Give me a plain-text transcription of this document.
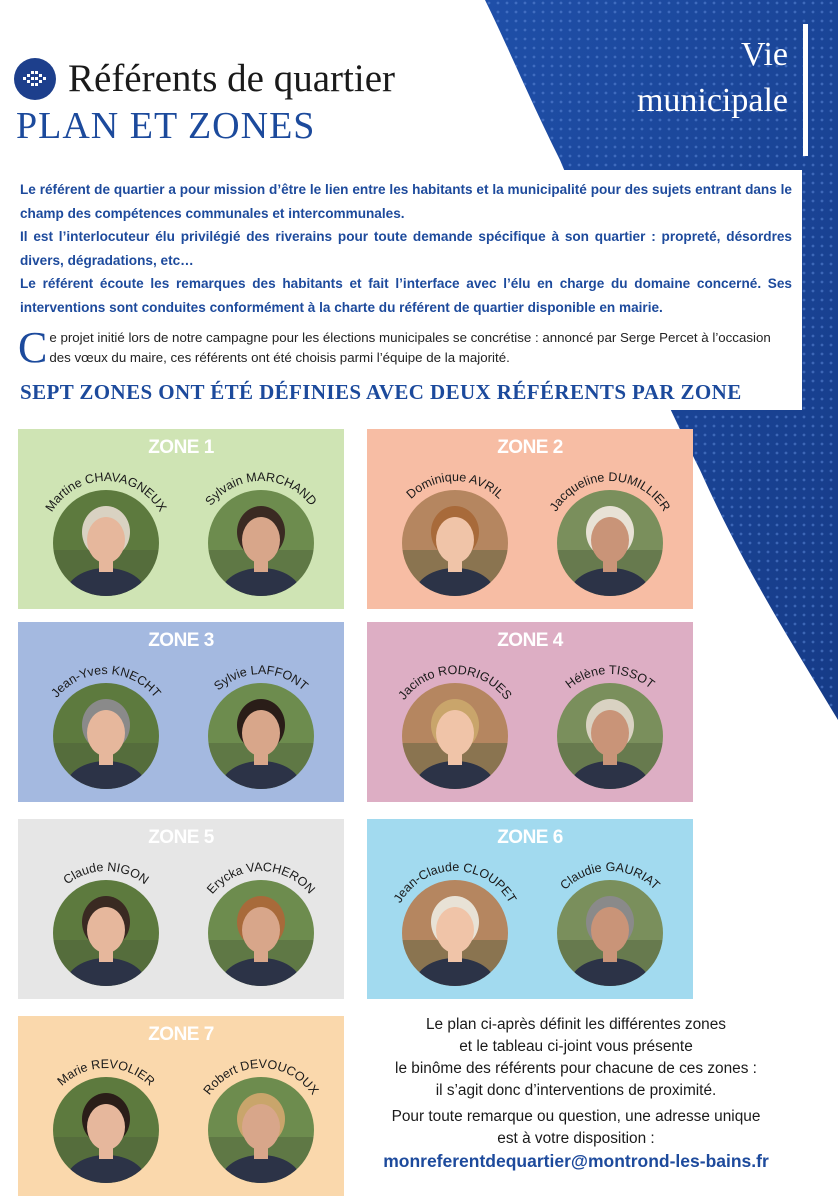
Vie
municipale
Référents de quartier
PLAN ET ZONES

Le référent de quartier a pour mission d’être le lien entre les habitants et la municipalité pour des sujets entrant dans le champ des compétences communales et intercommunales.

Il est l’interlocuteur élu privilégié des riverains pour toute demande spécifique à son quartier : propreté, désordres divers, dégradations, etc…

Le référent écoute les remarques des habitants et fait l’interface avec l’élu en charge du domaine concerné. Ses interventions sont conduites conformément à la charte du référent de quartier disponible en mairie.

C e projet initié lors de notre campagne pour les élections municipales se concrétise : annoncé par Serge Percet à l’occasion des vœux du maire, ces référents ont été choisis parmi l’équipe de la majorité.
SEPT ZONES ONT ÉTÉ DÉFINIES AVEC DEUX RÉFÉRENTS PAR ZONE
ZONE 1
Martine CHAVAGNEUX	Sylvain MARCHAND
ZONE 2
Dominique AVRIL
Jacqueline DUMILLIER
ZONE 3
Jean-Yves KNECHT	Sylvie LAFFONT
ZONE 4
Jacinto RODRIGUES
Hélène TISSOT
ZONE 5
Claude NIGON
Erycka VACHERON
ZONE 6
Jean-Claude CLOUPET
Claudie GAURIAT
ZONE 7
Marie REVOLIER
Robert DEVOUCOUX

Le plan ci-après définit les différentes zones

et le tableau ci-joint vous présente

le binôme des référents pour chacune de ces zones :

il s’agit donc d’interventions de proximité.

Pour toute remarque ou question, une adresse unique

est à votre disposition :

monreferentdequartier@montrond-les-bains.fr
